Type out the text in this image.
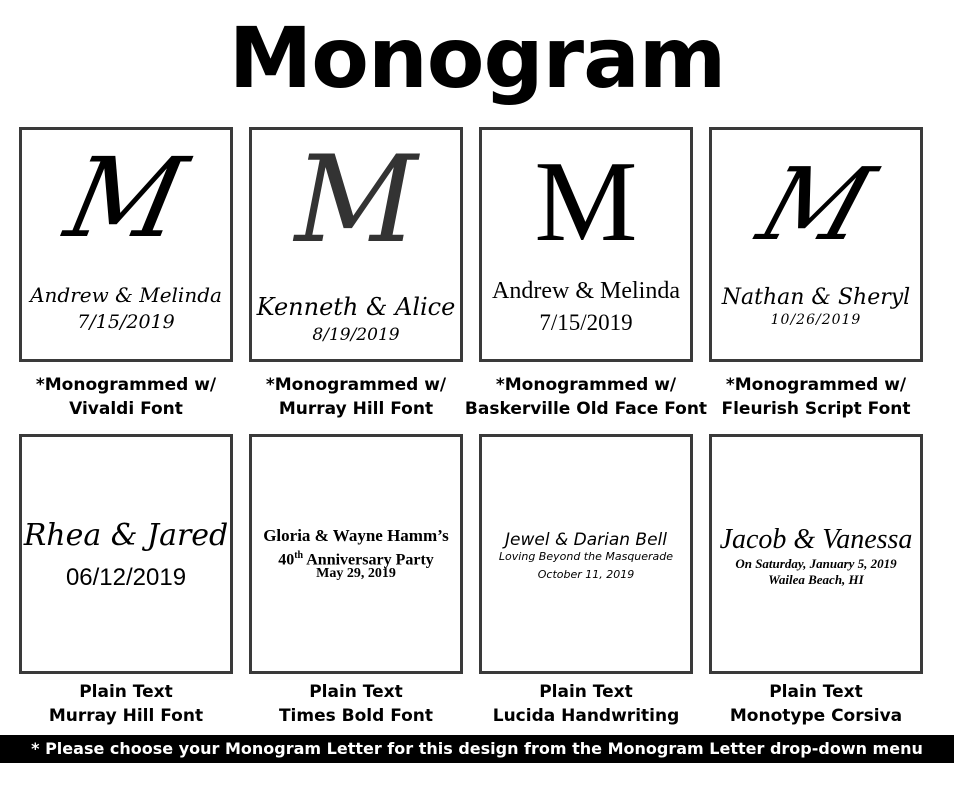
Monogram
M
Andrew & Melinda
7/15/2019
M
Kenneth & Alice
8/19/2019
M
Andrew & Melinda
7/15/2019
M
Nathan & Sheryl
10/26/2019
*Monogrammed w/
Vivaldi Font
*Monogrammed w/
Murray Hill Font
*Monogrammed w/
Baskerville Old Face Font
*Monogrammed w/
Fleurish Script Font
Rhea & Jared
06/12/2019
Gloria & Wayne Hamm’s
40th Anniversary Party
May 29, 2019
Jewel & Darian Bell
Loving Beyond the Masquerade
October 11, 2019
Jacob & Vanessa
On Saturday, January 5, 2019
Wailea Beach, HI
Plain Text
Murray Hill Font
Plain Text
Times Bold Font
Plain Text
Lucida Handwriting
Plain Text
Monotype Corsiva
* Please choose your Monogram Letter for this design from the Monogram Letter drop-down menu below.
